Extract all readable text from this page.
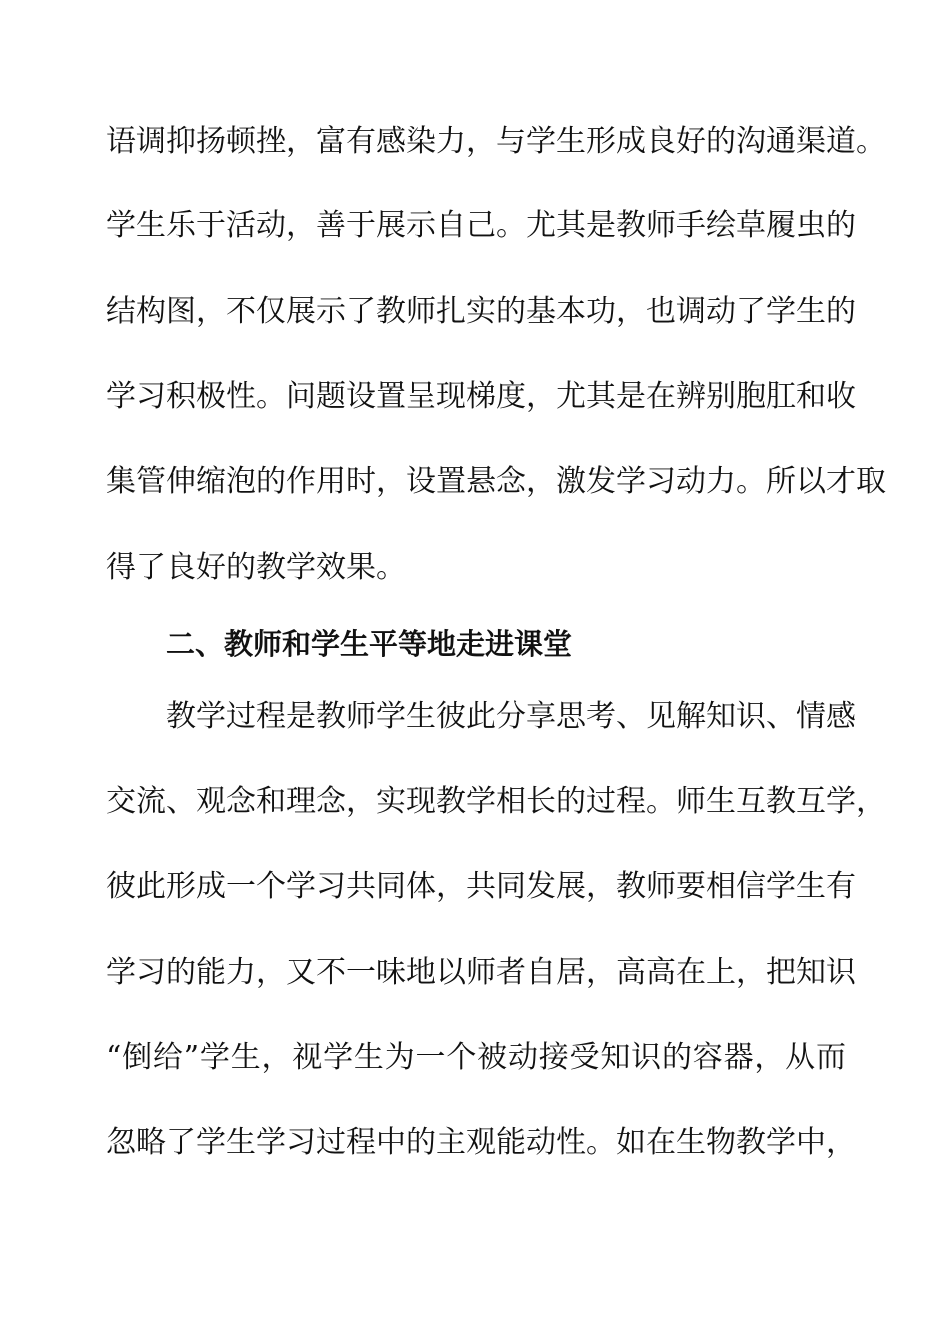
语调抑扬顿挫，富有感染力，与学生形成良好的沟通渠道。
学生乐于活动，善于展示自己。尤其是教师手绘草履虫的
结构图，不仅展示了教师扎实的基本功，也调动了学生的
学习积极性。问题设置呈现梯度，尤其是在辨别胞肛和收
集管伸缩泡的作用时，设置悬念，激发学习动力。所以才取
得了良好的教学效果。
二、教师和学生平等地走进课堂
教学过程是教师学生彼此分享思考、见解知识、情感
交流、观念和理念，实现教学相长的过程。师生互教互学，
彼此形成一个学习共同体，共同发展，教师要相信学生有
学习的能力，又不一味地以师者自居，高高在上，把知识
“倒给”学生，视学生为一个被动接受知识的容器，从而
忽略了学生学习过程中的主观能动性。如在生物教学中，
